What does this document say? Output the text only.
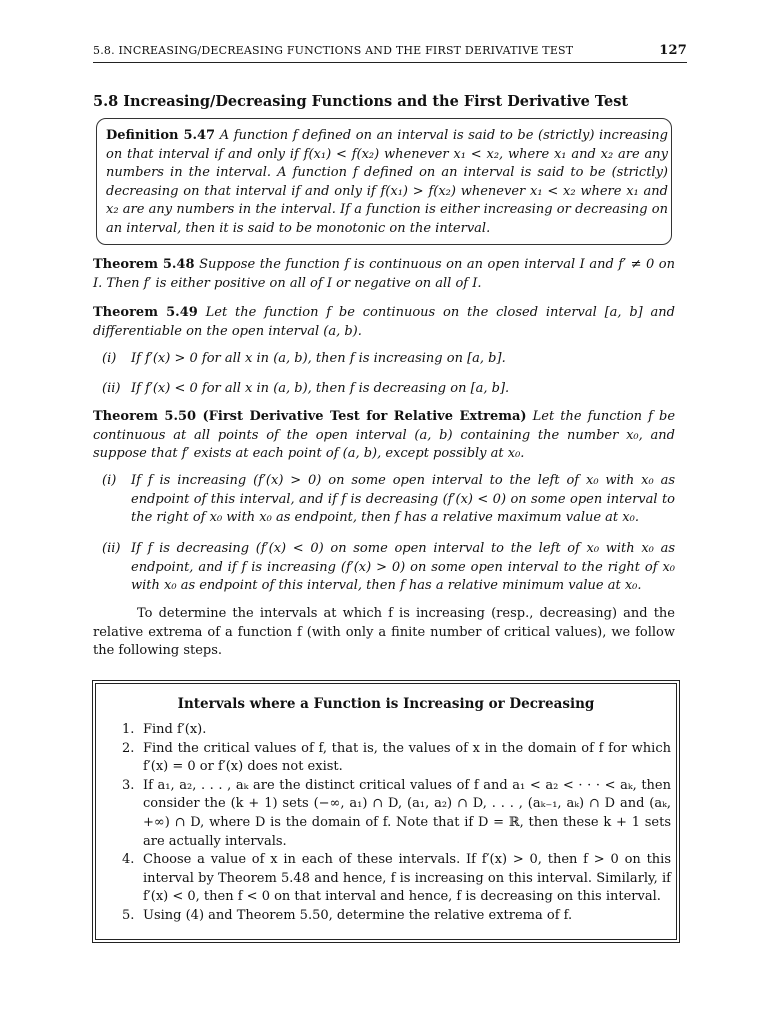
5.8. INCREASING/DECREASING FUNCTIONS AND THE FIRST DERIVATIVE TEST	127
5.8 Increasing/Decreasing Functions and the First Derivative Test
Definition 5.47 A function f defined on an interval is said to be (strictly) increasing on that interval if and only if f(x₁) < f(x₂) whenever x₁ < x₂, where x₁ and x₂ are any numbers in the interval. A function f defined on an interval is said to be (strictly) decreasing on that interval if and only if f(x₁) > f(x₂) whenever x₁ < x₂ where x₁ and x₂ are any numbers in the interval. If a function is either increasing or decreasing on an interval, then it is said to be monotonic on the interval.
Theorem 5.48 Suppose the function f is continuous on an open interval I and f′ ≠ 0 on I. Then f′ is either positive on all of I or negative on all of I.
Theorem 5.49 Let the function f be continuous on the closed interval [a, b] and differentiable on the open interval (a, b).
(i) If f′(x) > 0 for all x in (a, b), then f is increasing on [a, b].
(ii) If f′(x) < 0 for all x in (a, b), then f is decreasing on [a, b].
Theorem 5.50 (First Derivative Test for Relative Extrema) Let the function f be continuous at all points of the open interval (a, b) containing the number x₀, and suppose that f′ exists at each point of (a, b), except possibly at x₀.
(i) If f is increasing (f′(x) > 0) on some open interval to the left of x₀ with x₀ as endpoint of this interval, and if f is decreasing (f′(x) < 0) on some open interval to the right of x₀ with x₀ as endpoint, then f has a relative maximum value at x₀.
(ii) If f is decreasing (f′(x) < 0) on some open interval to the left of x₀ with x₀ as endpoint, and if f is increasing (f′(x) > 0) on some open interval to the right of x₀ with x₀ as endpoint of this interval, then f has a relative minimum value at x₀.
To determine the intervals at which f is increasing (resp., decreasing) and the relative extrema of a function f (with only a finite number of critical values), we follow the following steps.
Intervals where a Function is Increasing or Decreasing
1. Find f′(x).
2. Find the critical values of f, that is, the values of x in the domain of f for which f′(x) = 0 or f′(x) does not exist.
3. If a₁, a₂, . . . , aₖ are the distinct critical values of f and a₁ < a₂ < · · · < aₖ, then consider the (k + 1) sets (−∞, a₁) ∩ D, (a₁, a₂) ∩ D, . . . , (aₖ₋₁, aₖ) ∩ D and (aₖ, +∞) ∩ D, where D is the domain of f. Note that if D = ℝ, then these k + 1 sets are actually intervals.
4. Choose a value of x in each of these intervals. If f′(x) > 0, then f > 0 on this interval by Theorem 5.48 and hence, f is increasing on this interval. Similarly, if f′(x) < 0, then f < 0 on that interval and hence, f is decreasing on this interval.
5. Using (4) and Theorem 5.50, determine the relative extrema of f.
